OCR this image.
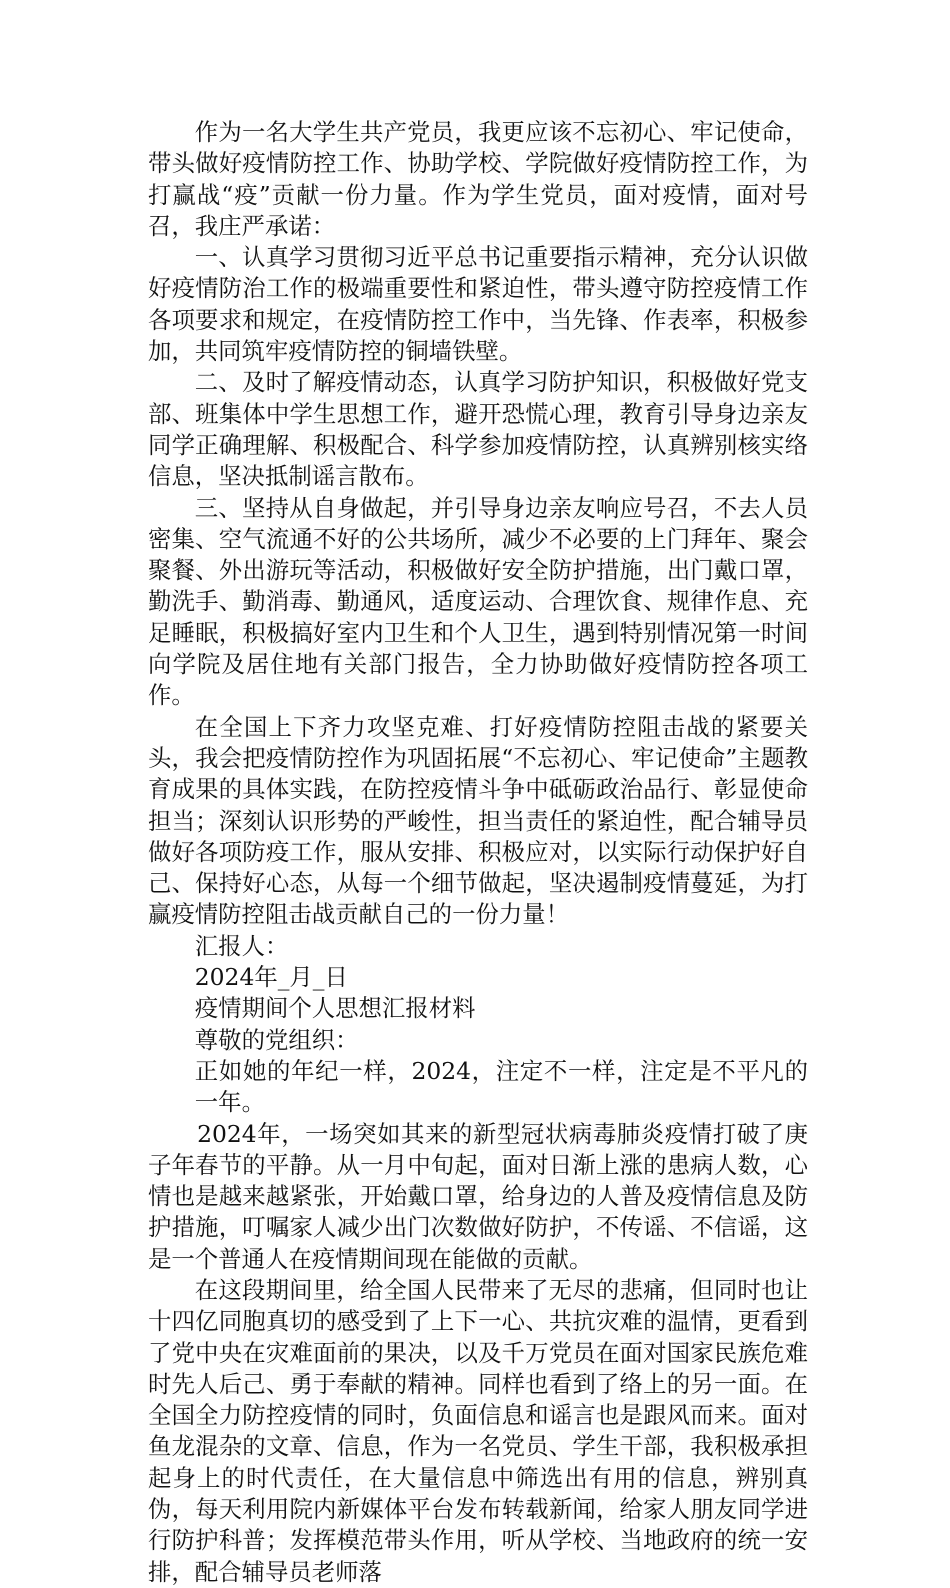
作为一名大学生共产党员，我更应该不忘初心、牢记使命，带头做好疫情防控工作、协助学校、学院做好疫情防控工作，为打赢战“疫”贡献一份力量。作为学生党员，面对疫情，面对号召，我庄严承诺：

一、认真学习贯彻习近平总书记重要指示精神，充分认识做好疫情防治工作的极端重要性和紧迫性，带头遵守防控疫情工作各项要求和规定，在疫情防控工作中，当先锋、作表率，积极参加，共同筑牢疫情防控的铜墙铁壁。

二、及时了解疫情动态，认真学习防护知识，积极做好党支部、班集体中学生思想工作，避开恐慌心理，教育引导身边亲友同学正确理解、积极配合、科学参加疫情防控，认真辨别核实络信息，坚决抵制谣言散布。

三、坚持从自身做起，并引导身边亲友响应号召，不去人员密集、空气流通不好的公共场所，减少不必要的上门拜年、聚会聚餐、外出游玩等活动，积极做好安全防护措施，出门戴口罩，勤洗手、勤消毒、勤通风，适度运动、合理饮食、规律作息、充足睡眠，积极搞好室内卫生和个人卫生，遇到特别情况第一时间向学院及居住地有关部门报告，全力协助做好疫情防控各项工作。

在全国上下齐力攻坚克难、打好疫情防控阻击战的紧要关头，我会把疫情防控作为巩固拓展“不忘初心、牢记使命”主题教育成果的具体实践，在防控疫情斗争中砥砺政治品行、彰显使命担当；深刻认识形势的严峻性，担当责任的紧迫性，配合辅导员做好各项防疫工作，服从安排、积极应对，以实际行动保护好自己、保持好心态，从每一个细节做起，坚决遏制疫情蔓延，为打赢疫情防控阻击战贡献自己的一份力量！

汇报人：

2024年_月_日

疫情期间个人思想汇报材料

尊敬的党组织：

正如她的年纪一样，2024，注定不一样，注定是不平凡的一年。

2024年，一场突如其来的新型冠状病毒肺炎疫情打破了庚子年春节的平静。从一月中旬起，面对日渐上涨的患病人数，心情也是越来越紧张，开始戴口罩，给身边的人普及疫情信息及防护措施，叮嘱家人减少出门次数做好防护，不传谣、不信谣，这是一个普通人在疫情期间现在能做的贡献。

在这段期间里，给全国人民带来了无尽的悲痛，但同时也让十四亿同胞真切的感受到了上下一心、共抗灾难的温情，更看到了党中央在灾难面前的果决，以及千万党员在面对国家民族危难时先人后己、勇于奉献的精神。同样也看到了络上的另一面。在全国全力防控疫情的同时，负面信息和谣言也是跟风而来。面对鱼龙混杂的文章、信息，作为一名党员、学生干部，我积极承担起身上的时代责任，在大量信息中筛选出有用的信息，辨别真伪，每天利用院内新媒体平台发布转载新闻，给家人朋友同学进行防护科普；发挥模范带头作用，听从学校、当地政府的统一安排，配合辅导员老师落
